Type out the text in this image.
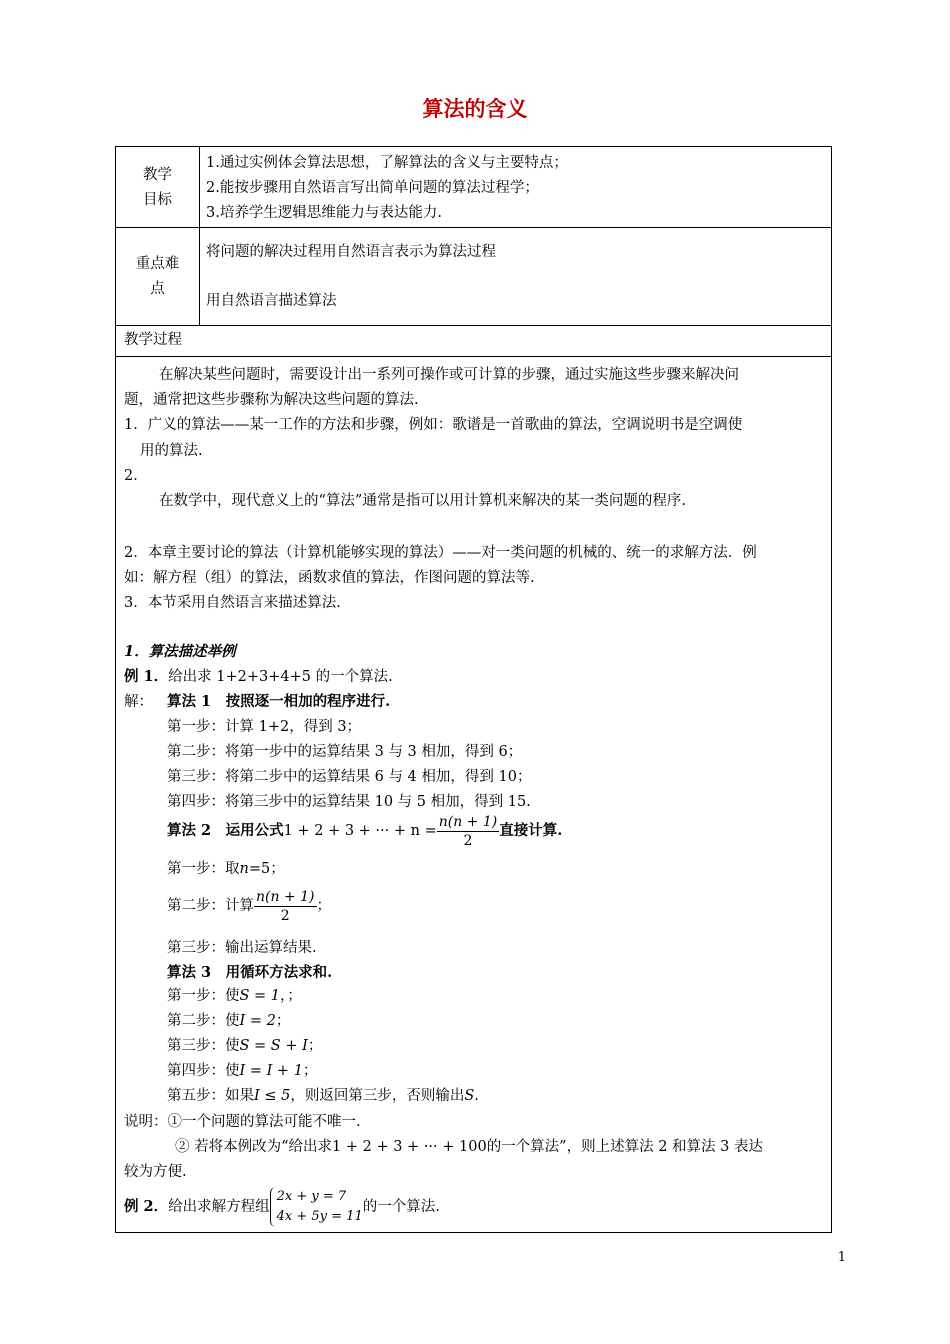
算法的含义
教学目标
1.通过实例体会算法思想，了解算法的含义与主要特点；
2.能按步骤用自然语言写出简单问题的算法过程学；
3.培养学生逻辑思维能力与表达能力.
重点难点
将问题的解决过程用自然语言表示为算法过程
用自然语言描述算法
教学过程
在解决某些问题时，需要设计出一系列可操作或可计算的步骤，通过实施这些步骤来解决问
题，通常把这些步骤称为解决这些问题的算法.
1．广义的算法——某一工作的方法和步骤，例如：歌谱是一首歌曲的算法，空调说明书是空调使
用的算法.
2．
在数学中，现代意义上的“算法”通常是指可以用计算机来解决的某一类问题的程序.
2．本章主要讨论的算法（计算机能够实现的算法）——对一类问题的机械的、统一的求解方法．例
如：解方程（组）的算法，函数求值的算法，作图问题的算法等.
3．本节采用自然语言来描述算法.
1．算法描述举例
例 1．给出求 1+2+3+4+5 的一个算法.
解： 算法 1　按照逐一相加的程序进行.
第一步：计算 1+2，得到 3；
第二步：将第一步中的运算结果 3 与 3 相加，得到 6；
第三步：将第二步中的运算结果 6 与 4 相加，得到 10；
第四步：将第三步中的运算结果 10 与 5 相加，得到 15.
算法 2　运用公式1 + 2 + 3 + ··· + $n = \frac{n(n + 1)}{2}$ 直接计算.
第一步：取n=5；
第二步：计算 $\frac{n(n + 1)}{2}$ ；
第三步：输出运算结果.
算法 3　用循环方法求和.
第一步：使S = 1，；
第二步：使I = 2；
第三步：使S = S + I；
第四步：使I = I + 1；
第五步：如果I ≤ 5，则返回第三步，否则输出S.
说明：①一个问题的算法可能不唯一.
② 若将本例改为“给出求1 + 2 + 3 + ··· + 100的一个算法”，则上述算法 2 和算法 3 表达
较为方便.
例 2．给出求解方程组
2x + y = 7
4x + 5y = 11
的一个算法.
1
